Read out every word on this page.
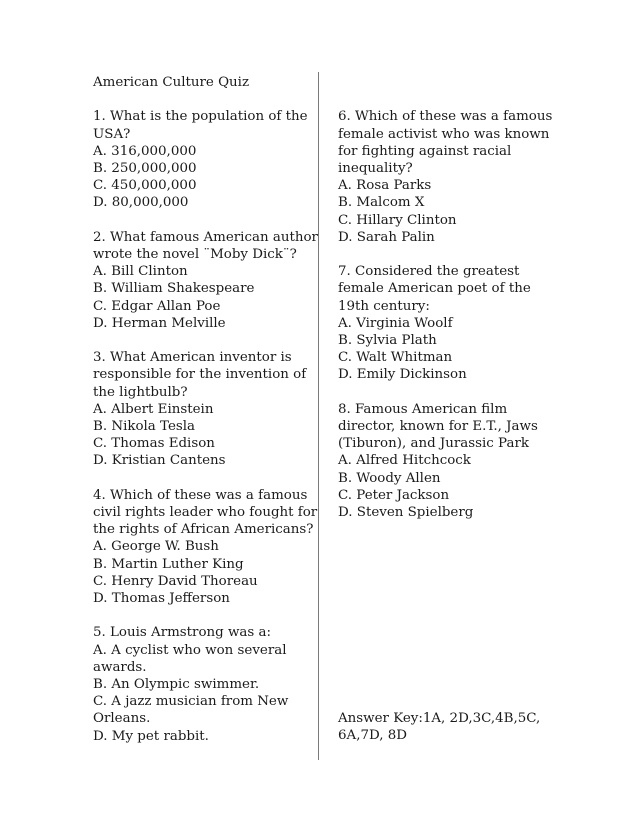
American Culture Quiz
1. What is the population of the
USA?
A. 316,000,000
B. 250,000,000
C. 450,000,000
D. 80,000,000
2. What famous American author
wrote the novel ¨Moby Dick¨?
A. Bill Clinton
B. William Shakespeare
C. Edgar Allan Poe
D. Herman Melville
3. What American inventor is
responsible for the invention of
the lightbulb?
A. Albert Einstein
B. Nikola Tesla
C. Thomas Edison
D. Kristian Cantens
4. Which of these was a famous
civil rights leader who fought for
the rights of African Americans?
A. George W. Bush
B. Martin Luther King
C. Henry David Thoreau
D. Thomas Jefferson
5. Louis Armstrong was a:
A. A cyclist who won several
awards.
B. An Olympic swimmer.
C. A jazz musician from New
Orleans.
D. My pet rabbit.
6. Which of these was a famous
female activist who was known
for fighting against racial
inequality?
A. Rosa Parks
B. Malcom X
C. Hillary Clinton
D. Sarah Palin
7. Considered the greatest
female American poet of the
19th century:
A. Virginia Woolf
B. Sylvia Plath
C. Walt Whitman
D. Emily Dickinson
8. Famous American film
director, known for E.T., Jaws
(Tiburon), and Jurassic Park
A. Alfred Hitchcock
B. Woody Allen
C. Peter Jackson
D. Steven Spielberg
Answer Key:1A, 2D,3C,4B,5C,
6A,7D, 8D
